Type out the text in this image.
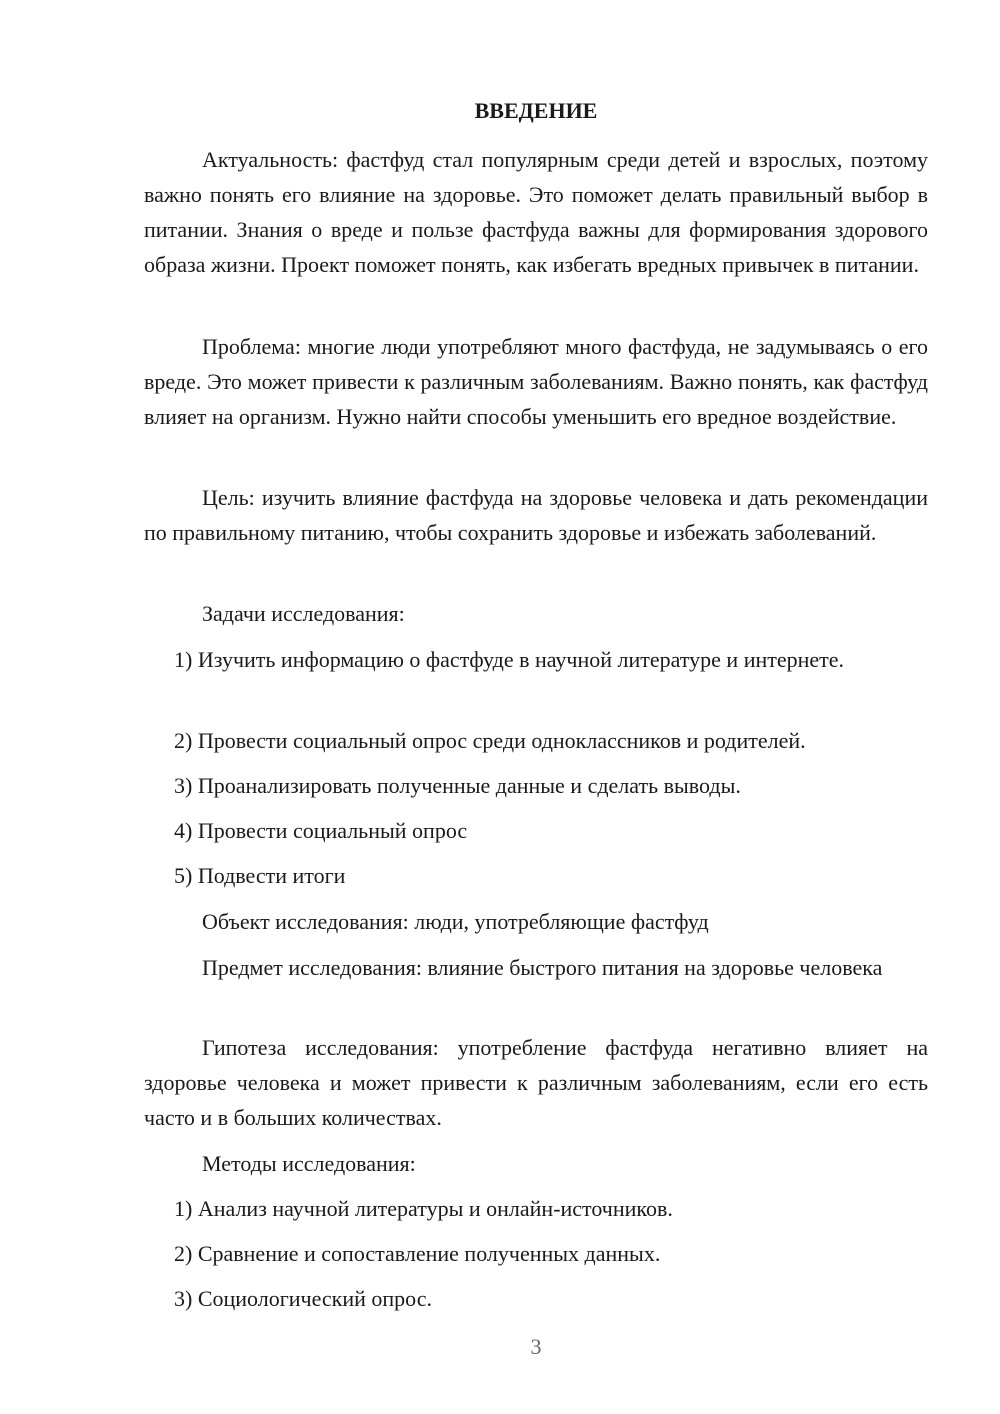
ВВЕДЕНИЕ

Актуальность: фастфуд стал популярным среди детей и взрослых, поэтому важно понять его влияние на здоровье. Это поможет делать правильный выбор в питании. Знания о вреде и пользе фастфуда важны для формирования здорового образа жизни. Проект поможет понять, как избегать вредных привычек в питании.

Проблема: многие люди употребляют много фастфуда, не задумываясь о его вреде. Это может привести к различным заболеваниям. Важно понять, как фастфуд влияет на организм. Нужно найти способы уменьшить его вредное воздействие.

Цель: изучить влияние фастфуда на здоровье человека и дать рекомендации по правильному питанию, чтобы сохранить здоровье и избежать заболеваний.

Задачи исследования:

1) Изучить информацию о фастфуде в научной литературе и интернете.

2) Провести социальный опрос среди одноклассников и родителей.

3) Проанализировать полученные данные и сделать выводы.

4) Провести социальный опрос

5) Подвести итоги

Объект исследования: люди, употребляющие фастфуд

Предмет исследования: влияние быстрого питания на здоровье человека

Гипотеза исследования: употребление фастфуда негативно влияет на здоровье человека и может привести к различным заболеваниям, если его есть часто и в больших количествах.

Методы исследования:

1) Анализ научной литературы и онлайн-источников.

2) Сравнение и сопоставление полученных данных.

3) Социологический опрос.

3
